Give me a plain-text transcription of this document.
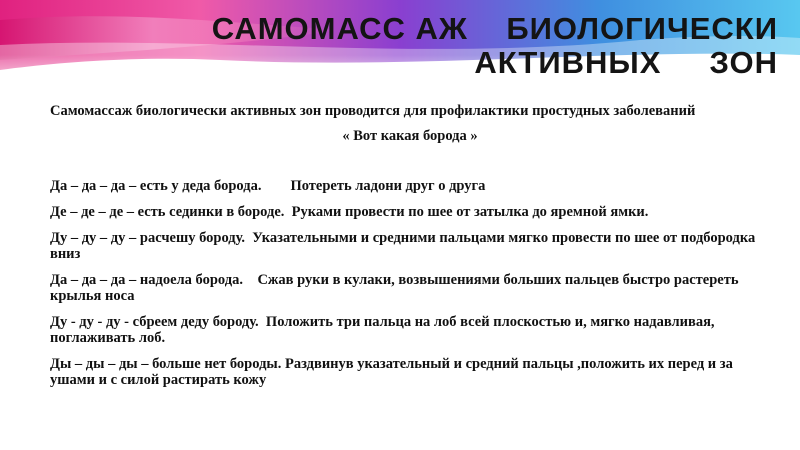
САМОМАСС АЖ    БИОЛОГИЧЕСКИ
АКТИВНЫХ     ЗОН
Самомассаж биологически активных зон проводится для профилактики простудных заболеваний
« Вот какая борода »
Да – да – да – есть у деда борода.        Потереть ладони друг о друга
Де – де – де – есть сединки в бороде.  Руками провести по шее от затылка до яремной ямки.
Ду – ду – ду – расчешу бороду.  Указательными и средними пальцами мягко провести по шее от подбородка вниз
Да – да – да – надоела борода.    Сжав руки в кулаки, возвышениями больших пальцев быстро растереть крылья носа
Ду - ду - ду - сбреем деду бороду.  Положить три пальца на лоб всей плоскостью и, мягко надавливая, поглаживать лоб.
Ды – ды – ды – больше нет бороды. Раздвинув указательный и средний пальцы ,положить их перед и за ушами и с силой растирать кожу
